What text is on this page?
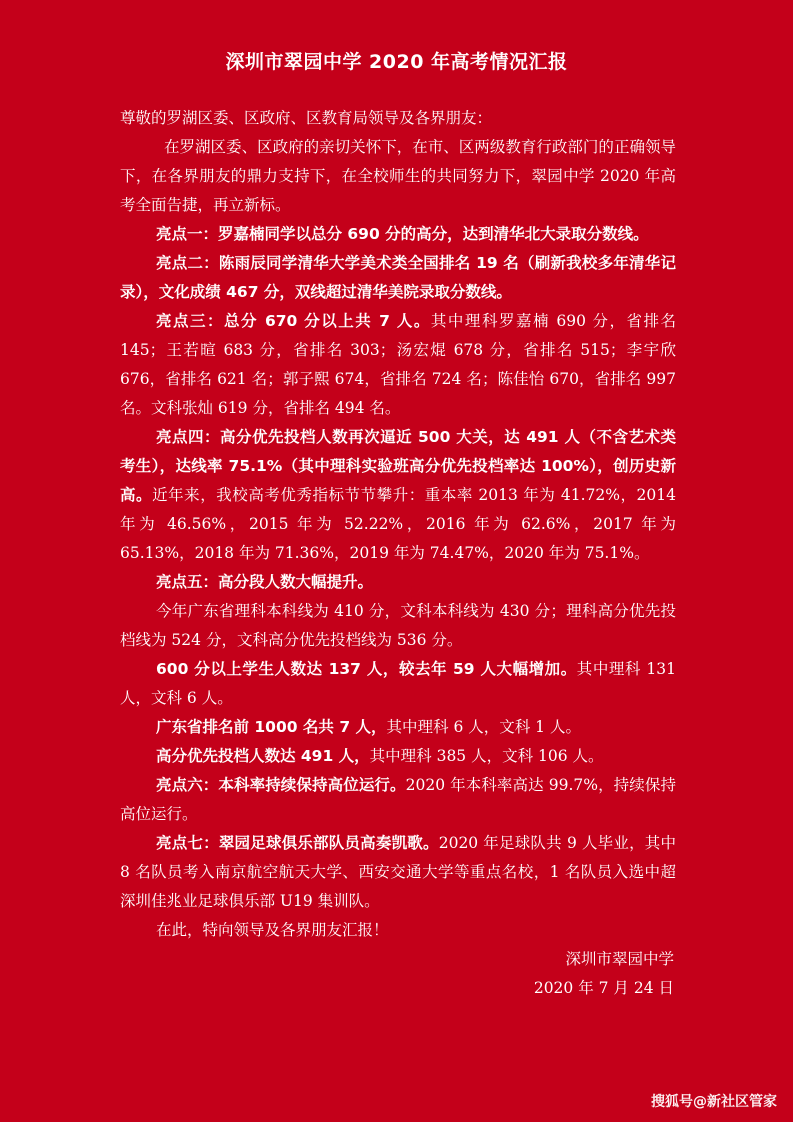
深圳市翠园中学 2020 年高考情况汇报

尊敬的罗湖区委、区政府、区教育局领导及各界朋友：

在罗湖区委、区政府的亲切关怀下，在市、区两级教育行政部门的正确领导下，在各界朋友的鼎力支持下，在全校师生的共同努力下，翠园中学 2020 年高考全面告捷，再立新标。

亮点一：罗嘉楠同学以总分 690 分的高分，达到清华北大录取分数线。

亮点二：陈雨辰同学清华大学美术类全国排名 19 名（刷新我校多年清华记录），文化成绩 467 分，双线超过清华美院录取分数线。

亮点三：总分 670 分以上共 7 人。其中理科罗嘉楠 690 分，省排名 145；王若暄 683 分，省排名 303；汤宏焜 678 分，省排名 515；李宇欣 676，省排名 621 名；郭子熙 674，省排名 724 名；陈佳怡 670，省排名 997 名。文科张灿 619 分，省排名 494 名。

亮点四：高分优先投档人数再次逼近 500 大关，达 491 人（不含艺术类考生），达线率 75.1%（其中理科实验班高分优先投档率达 100%），创历史新高。近年来，我校高考优秀指标节节攀升：重本率 2013 年为 41.72%，2014 年为 46.56%，2015 年为 52.22%，2016 年为 62.6%，2017 年为 65.13%，2018 年为 71.36%，2019 年为 74.47%，2020 年为 75.1%。

亮点五：高分段人数大幅提升。

今年广东省理科本科线为 410 分，文科本科线为 430 分；理科高分优先投档线为 524 分，文科高分优先投档线为 536 分。

600 分以上学生人数达 137 人，较去年 59 人大幅增加。其中理科 131 人，文科 6 人。

广东省排名前 1000 名共 7 人，其中理科 6 人，文科 1 人。

高分优先投档人数达 491 人，其中理科 385 人，文科 106 人。

亮点六：本科率持续保持高位运行。2020 年本科率高达 99.7%，持续保持高位运行。

亮点七：翠园足球俱乐部队员高奏凯歌。2020 年足球队共 9 人毕业，其中 8 名队员考入南京航空航天大学、西安交通大学等重点名校，1 名队员入选中超深圳佳兆业足球俱乐部 U19 集训队。

在此，特向领导及各界朋友汇报！

深圳市翠园中学

2020 年 7 月 24 日

搜狐号@新社区管家
